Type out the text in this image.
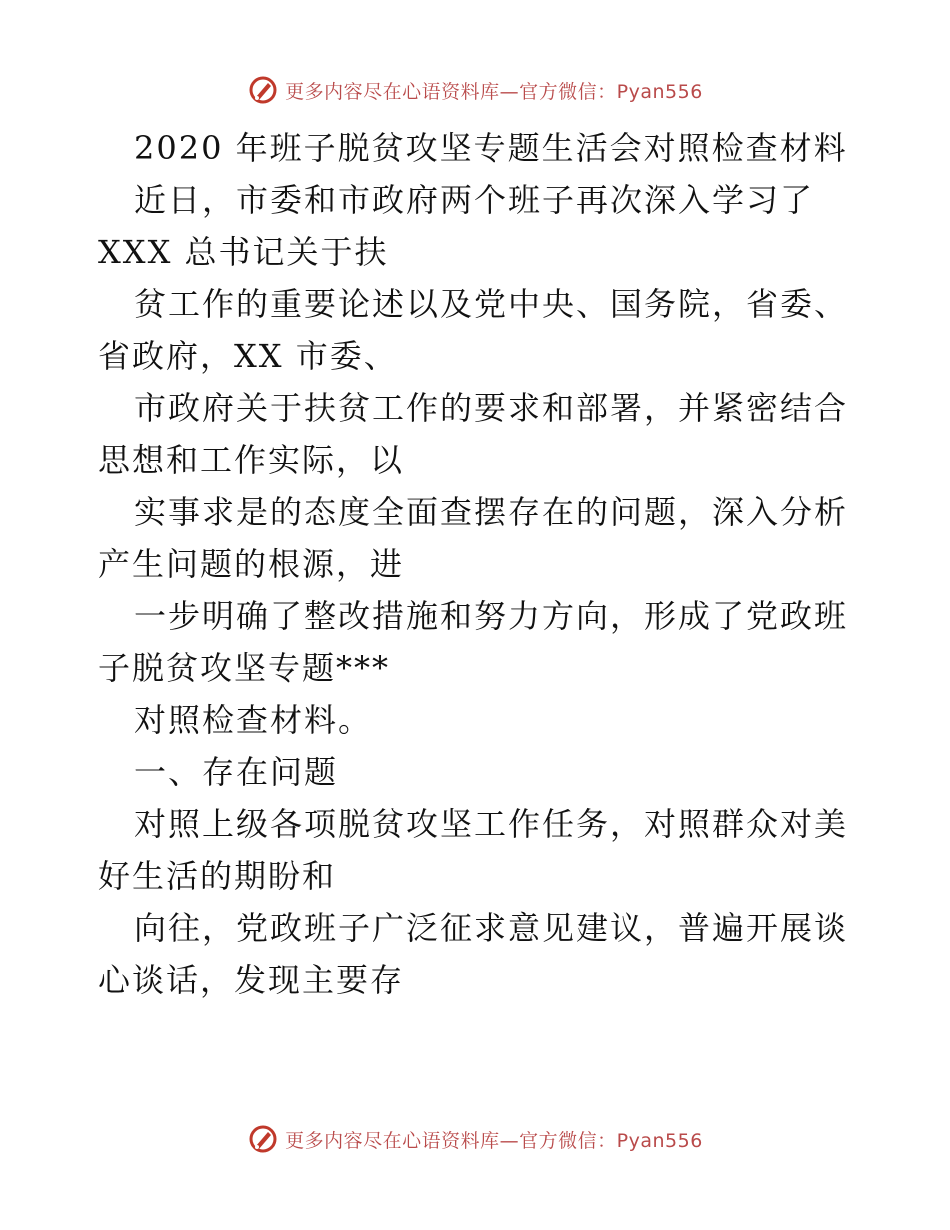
更多内容尽在心语资料库—官方微信：Pyan556
2020 年班子脱贫攻坚专题生活会对照检查材料
近日，市委和市政府两个班子再次深入学习了
XXX 总书记关于扶
贫工作的重要论述以及党中央、国务院，省委、
省政府，XX 市委、
市政府关于扶贫工作的要求和部署，并紧密结合
思想和工作实际，以
实事求是的态度全面查摆存在的问题，深入分析
产生问题的根源，进
一步明确了整改措施和努力方向，形成了党政班
子脱贫攻坚专题***
对照检查材料。
一、存在问题
对照上级各项脱贫攻坚工作任务，对照群众对美
好生活的期盼和
向往，党政班子广泛征求意见建议，普遍开展谈
心谈话，发现主要存
更多内容尽在心语资料库—官方微信：Pyan556
